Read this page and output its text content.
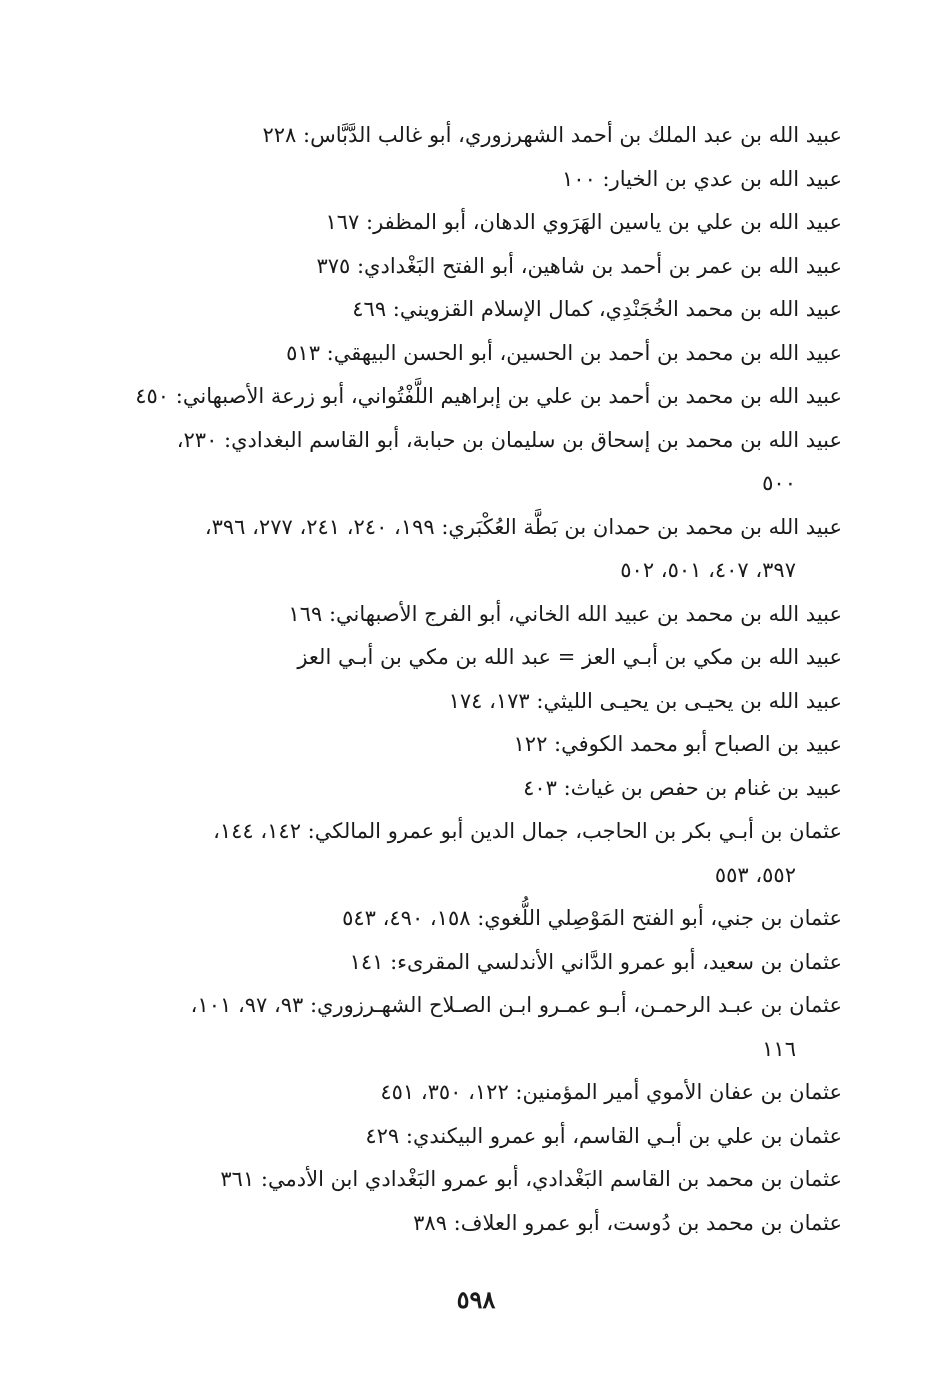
عبيد الله بن عبد الملك بن أحمد الشهرزوري، أبو غالب الدَّبَّاس: ٢٢٨
عبيد الله بن عدي بن الخيار: ١٠٠
عبيد الله بن علي بن ياسين الهَرَوي الدهان، أبو المظفر: ١٦٧
عبيد الله بن عمر بن أحمد بن شاهين، أبو الفتح البَغْدادي: ٣٧٥
عبيد الله بن محمد الخُجَنْدِي، كمال الإسلام القزويني: ٤٦٩
عبيد الله بن محمد بن أحمد بن الحسين، أبو الحسن البيهقي: ٥١٣
عبيد الله بن محمد بن أحمد بن علي بن إبراهيم اللَّفْتُواني، أبو زرعة الأصبهاني: ٤٥٠
عبيد الله بن محمد بن إسحاق بن سليمان بن حبابة، أبو القاسم البغدادي: ٢٣٠،
٥٠٠
عبيد الله بن محمد بن حمدان بن بَطَّة العُكْبَري: ١٩٩، ٢٤٠، ٢٤١، ٢٧٧، ٣٩٦،
٣٩٧، ٤٠٧، ٥٠١، ٥٠٢
عبيد الله بن محمد بن عبيد الله الخاني، أبو الفرج الأصبهاني: ١٦٩
عبيد الله بن مكي بن أبـي العز = عبد الله بن مكي بن أبـي العز
عبيد الله بن يحيـى بن يحيـى الليثي: ١٧٣، ١٧٤
عبيد بن الصباح أبو محمد الكوفي: ١٢٢
عبيد بن غنام بن حفص بن غياث: ٤٠٣
عثمان بن أبـي بكر بن الحاجب، جمال الدين أبو عمرو المالكي: ١٤٢، ١٤٤،
٥٥٢، ٥٥٣
عثمان بن جني، أبو الفتح المَوْصِلي اللُّغوي: ١٥٨، ٤٩٠، ٥٤٣
عثمان بن سعيد، أبو عمرو الدَّاني الأندلسي المقرىء: ١٤١
عثمان بن عبـد الرحمـن، أبـو عمـرو ابـن الصـلاح الشهـرزوري: ٩٣، ٩٧، ١٠١،
١١٦
عثمان بن عفان الأموي أمير المؤمنين: ١٢٢، ٣٥٠، ٤٥١
عثمان بن علي بن أبـي القاسم، أبو عمرو البيكندي: ٤٢٩
عثمان بن محمد بن القاسم البَغْدادي، أبو عمرو البَغْدادي ابن الأدمي: ٣٦١
عثمان بن محمد بن دُوست، أبو عمرو العلاف: ٣٨٩
٥٩٨
